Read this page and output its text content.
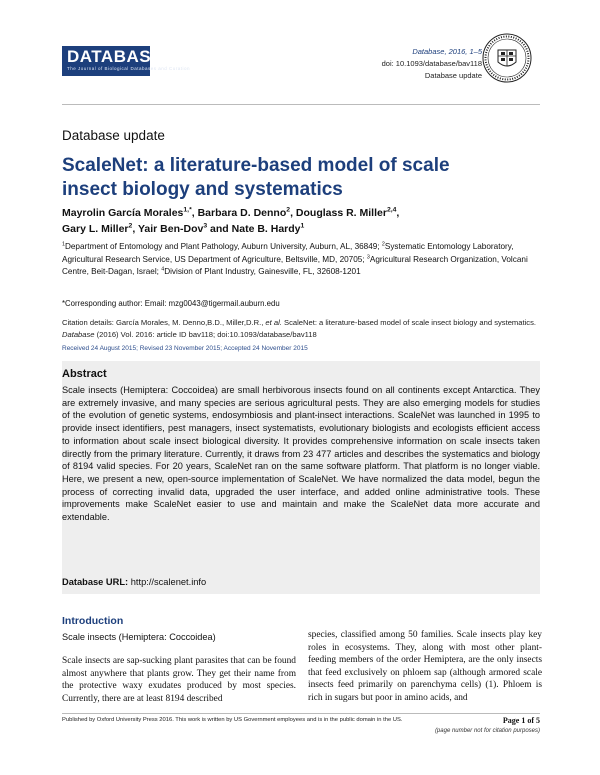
DATABASE
The Journal of Biological Databases and Curation
Database, 2016, 1–5
doi: 10.1093/database/bav118
Database update
Database update
ScaleNet: a literature-based model of scale insect biology and systematics
Mayrolin García Morales$^{1,*}$, Barbara D. Denno$^2$, Douglass R. Miller$^{2,4}$,
Gary L. Miller$^2$, Yair Ben-Dov$^3$ and Nate B. Hardy$^1$
$^1$Department of Entomology and Plant Pathology, Auburn University, Auburn, AL, 36849; $^2$Systematic Entomology Laboratory, Agricultural Research Service, US Department of Agriculture, Beltsville, MD, 20705; $^3$Agricultural Research Organization, Volcani Centre, Beit-Dagan, Israel; $^4$Division of Plant Industry, Gainesville, FL, 32608-1201
*Corresponding author: Email: mzg0043@tigermail.auburn.edu
Citation details: García Morales, M. Denno,B.D., Miller,D.R., et al. ScaleNet: a literature-based model of scale insect biology and systematics. Database (2016) Vol. 2016: article ID bav118; doi:10.1093/database/bav118
Received 24 August 2015; Revised 23 November 2015; Accepted 24 November 2015
Abstract
Scale insects (Hemiptera: Coccoidea) are small herbivorous insects found on all continents except Antarctica. They are extremely invasive, and many species are serious agricultural pests. They are also emerging models for studies of the evolution of genetic systems, endosymbiosis and plant-insect interactions. ScaleNet was launched in 1995 to provide insect identifiers, pest managers, insect systematists, evolutionary biologists and ecologists efficient access to information about scale insect biological diversity. It provides comprehensive information on scale insects taken directly from the primary literature. Currently, it draws from 23 477 articles and describes the systematics and biology of 8194 valid species. For 20 years, ScaleNet ran on the same software platform. That platform is no longer viable. Here, we present a new, open-source implementation of ScaleNet. We have normalized the data model, begun the process of correcting invalid data, upgraded the user interface, and added online administrative tools. These improvements make ScaleNet easier to use and maintain and make the ScaleNet data more accurate and extendable.
Database URL: http://scalenet.info
Introduction
Scale insects (Hemiptera: Coccoidea)
Scale insects are sap-sucking plant parasites that can be found almost anywhere that plants grow. They get their name from the protective waxy exudates produced by most species. Currently, there are at least 8194 described
species, classified among 50 families. Scale insects play key roles in ecosystems. They, along with most other plant-feeding members of the order Hemiptera, are the only insects that feed exclusively on phloem sap (although armored scale insects feed primarily on parenchyma cells) (1). Phloem is rich in sugars but poor in amino acids, and
Published by Oxford University Press 2016. This work is written by US Government employees and is in the public domain in the US.	Page 1 of 5
(page number not for citation purposes)
